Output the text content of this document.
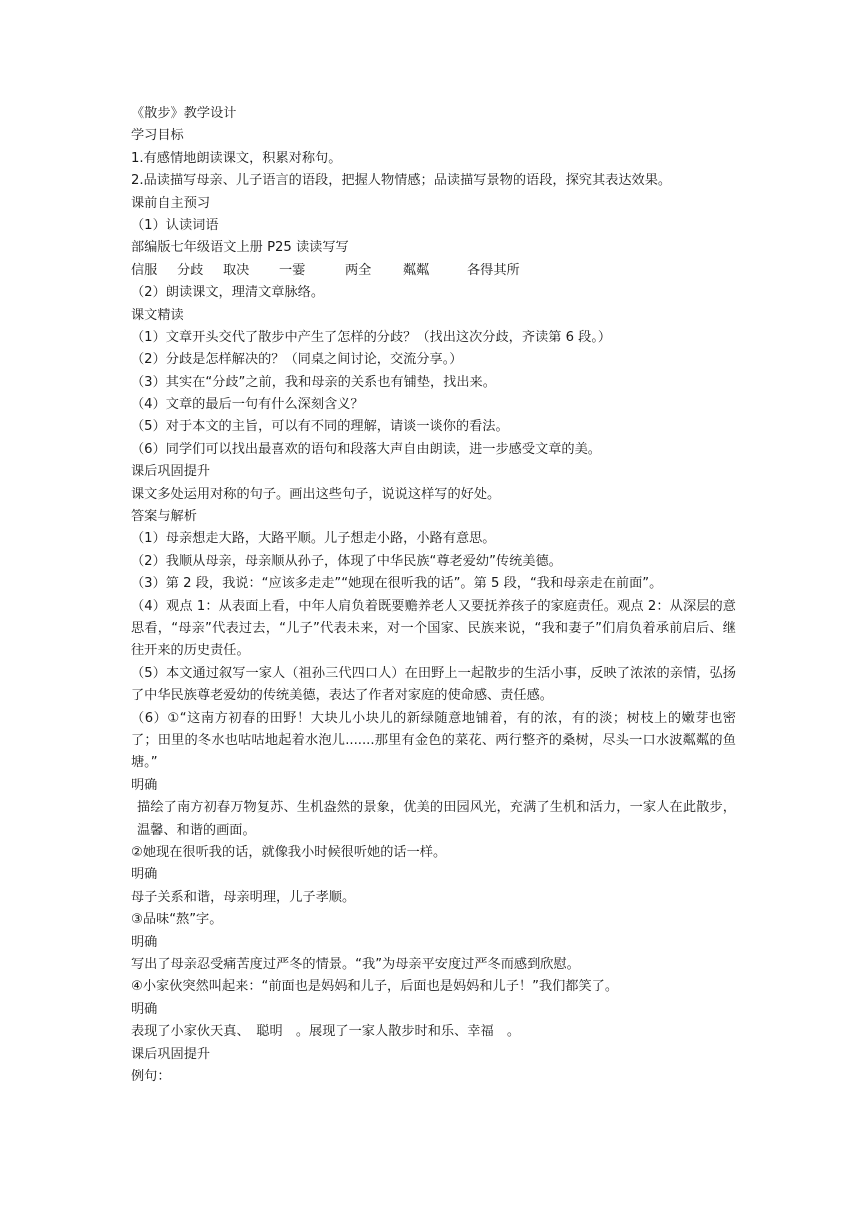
《散步》教学设计
学习目标
1.有感情地朗读课文，积累对称句。
2.品读描写母亲、儿子语言的语段，把握人物情感；品读描写景物的语段，探究其表达效果。
课前自主预习
（1）认读词语
部编版七年级语文上册 P25 读读写写
信服 分歧 取决 一霎	两全 粼粼	各得其所
（2）朗读课文，理清文章脉络。
课文精读
（1）文章开头交代了散步中产生了怎样的分歧？（找出这次分歧，齐读第 6 段。）
（2）分歧是怎样解决的？（同桌之间讨论，交流分享。）
（3）其实在“分歧”之前，我和母亲的关系也有铺垫，找出来。
（4）文章的最后一句有什么深刻含义？
（5）对于本文的主旨，可以有不同的理解，请谈一谈你的看法。
（6）同学们可以找出最喜欢的语句和段落大声自由朗读，进一步感受文章的美。
课后巩固提升
课文多处运用对称的句子。画出这些句子，说说这样写的好处。
答案与解析
（1）母亲想走大路，大路平顺。儿子想走小路，小路有意思。
（2）我顺从母亲，母亲顺从孙子，体现了中华民族“尊老爱幼”传统美德。
（3）第 2 段，我说：“应该多走走”“她现在很听我的话”。第 5 段，“我和母亲走在前面”。
（4）观点 1：从表面上看，中年人肩负着既要赡养老人又要抚养孩子的家庭责任。观点 2：从深层的意思看，“母亲”代表过去，“儿子”代表未来，对一个国家、民族来说，“我和妻子”们肩负着承前启后、继往开来的历史责任。
（5）本文通过叙写一家人（祖孙三代四口人）在田野上一起散步的生活小事，反映了浓浓的亲情，弘扬了中华民族尊老爱幼的传统美德，表达了作者对家庭的使命感、责任感。
（6）①“这南方初春的田野！大块儿小块儿的新绿随意地铺着，有的浓，有的淡；树枝上的嫩芽也密了；田里的冬水也咕咕地起着水泡儿.......那里有金色的菜花、两行整齐的桑树，尽头一口水波粼粼的鱼塘。”
明确
描绘了南方初春万物复苏、生机盎然的景象，优美的田园风光，充满了生机和活力，一家人在此散步，温馨、和谐的画面。
②她现在很听我的话，就像我小时候很听她的话一样。
明确
母子关系和谐，母亲明理，儿子孝顺。
③品味“熬”字。
明确
写出了母亲忍受痛苦度过严冬的情景。“我”为母亲平安度过严冬而感到欣慰。
④小家伙突然叫起来：“前面也是妈妈和儿子，后面也是妈妈和儿子！”我们都笑了。
明确
表现了小家伙天真、　聪明　。展现了一家人散步时和乐、幸福　。
课后巩固提升
例句：
